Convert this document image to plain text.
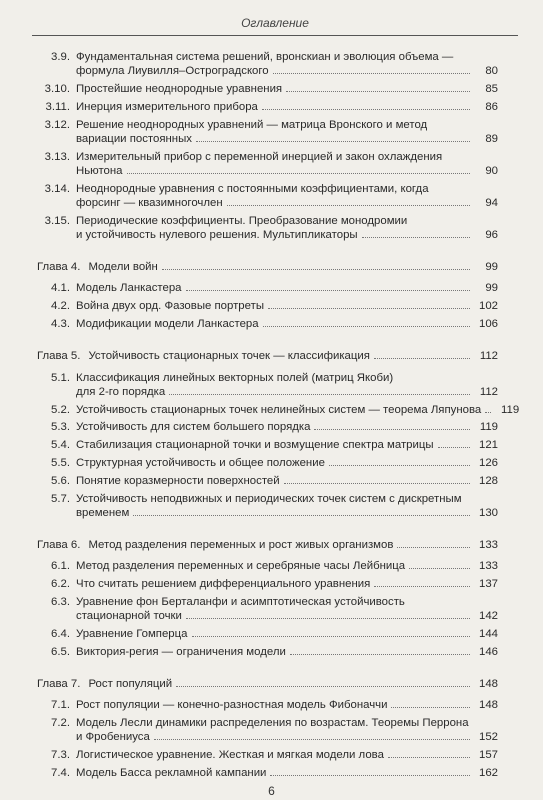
Оглавление
3.9. Фундаментальная система решений, вронскиан и эволюция объема —
формула Лиувилля–Остроградского	80
3.10. Простейшие неоднородные уравнения	85
3.11. Инерция измерительного прибора	86
3.12. Решение неоднородных уравнений — матрица Вронского и метод
вариации постоянных	89
3.13. Измерительный прибор с переменной инерцией и закон охлаждения
Ньютона	90
3.14. Неоднородные уравнения с постоянными коэффициентами, когда
форсинг — квазимногочлен	94
3.15. Периодические коэффициенты. Преобразование монодромии
и устойчивость нулевого решения. Мультипликаторы	96
Глава 4. Модели войн	99
4.1. Модель Ланкастера	99
4.2. Война двух орд. Фазовые портреты	102
4.3. Модификации модели Ланкастера	106
Глава 5. Устойчивость стационарных точек — классификация	112
5.1. Классификация линейных векторных полей (матриц Якоби)
для 2-го порядка	112
5.2. Устойчивость стационарных точек нелинейных систем — теорема Ляпунова	119
5.3. Устойчивость для систем большего порядка	119
5.4. Стабилизация стационарной точки и возмущение спектра матрицы	121
5.5. Структурная устойчивость и общее положение	126
5.6. Понятие коразмерности поверхностей	128
5.7. Устойчивость неподвижных и периодических точек систем с дискретным
временем	130
Глава 6. Метод разделения переменных и рост живых организмов	133
6.1. Метод разделения переменных и серебряные часы Лейбница	133
6.2. Что считать решением дифференциального уравнения	137
6.3. Уравнение фон Берталанфи и асимптотическая устойчивость
стационарной точки	142
6.4. Уравнение Гомперца	144
6.5. Виктория-регия — ограничения модели	146
Глава 7. Рост популяций	148
7.1. Рост популяции — конечно-разностная модель Фибоначчи	148
7.2. Модель Лесли динамики распределения по возрастам. Теоремы Перрона
и Фробениуса	152
7.3. Логистическое уравнение. Жесткая и мягкая модели лова	157
7.4. Модель Басса рекламной кампании	162
6
